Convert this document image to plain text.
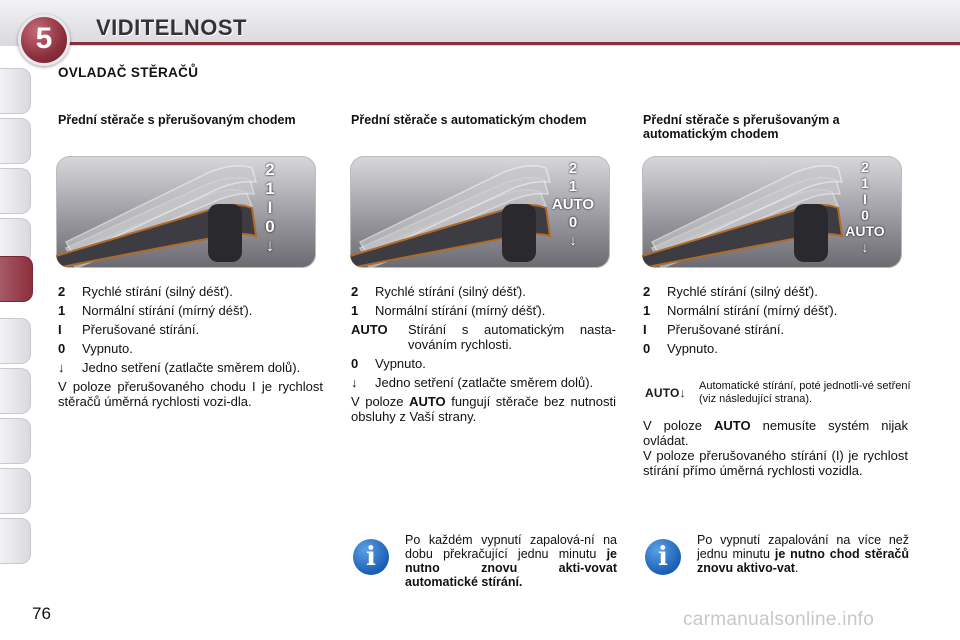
5	VIDITELNOST
OVLADAČ STĚRAČŮ
Přední stěrače s přerušovaným chodem	Přední stěrače s automatickým chodem	Přední stěrače s přerušovaným a automatickým chodem
2
1
I
0
↓
2
1
AUTO
0
↓
2
1
I
0
AUTO
↓
2 Rychlé stírání (silný déšť).
1 Normální stírání (mírný déšť).
I Přerušované stírání.
0 Vypnuto.
↓ Jedno setření (zatlačte směrem dolů).
V poloze přerušovaného chodu I je rychlost stěračů úměrná rychlosti vozi-dla.
2 Rychlé stírání (silný déšť).
1 Normální stírání (mírný déšť).
AUTO Stírání s automatickým nasta-vováním rychlosti.
0 Vypnuto.
↓ Jedno setření (zatlačte směrem dolů).
V poloze AUTO fungují stěrače bez nutnosti obsluhy z Vaší strany.
2 Rychlé stírání (silný déšť).
1 Normální stírání (mírný déšť).
I Přerušované stírání.
0 Vypnuto.
AUTO↓ Automatické stírání, poté jednotli-vé setření (viz následující strana).
V poloze AUTO nemusíte systém nijak ovládat.
V poloze přerušovaného stírání (I) je rychlost stírání přímo úměrná rychlosti vozidla.
i
Po každém vypnutí zapalová-ní na dobu překračující jednu minutu je nutno znovu akti-vovat automatické stírání.
i
Po vypnutí zapalování na více než jednu minutu je nutno chod stěračů znovu aktivo-vat.
76	carmanualsonline.info
